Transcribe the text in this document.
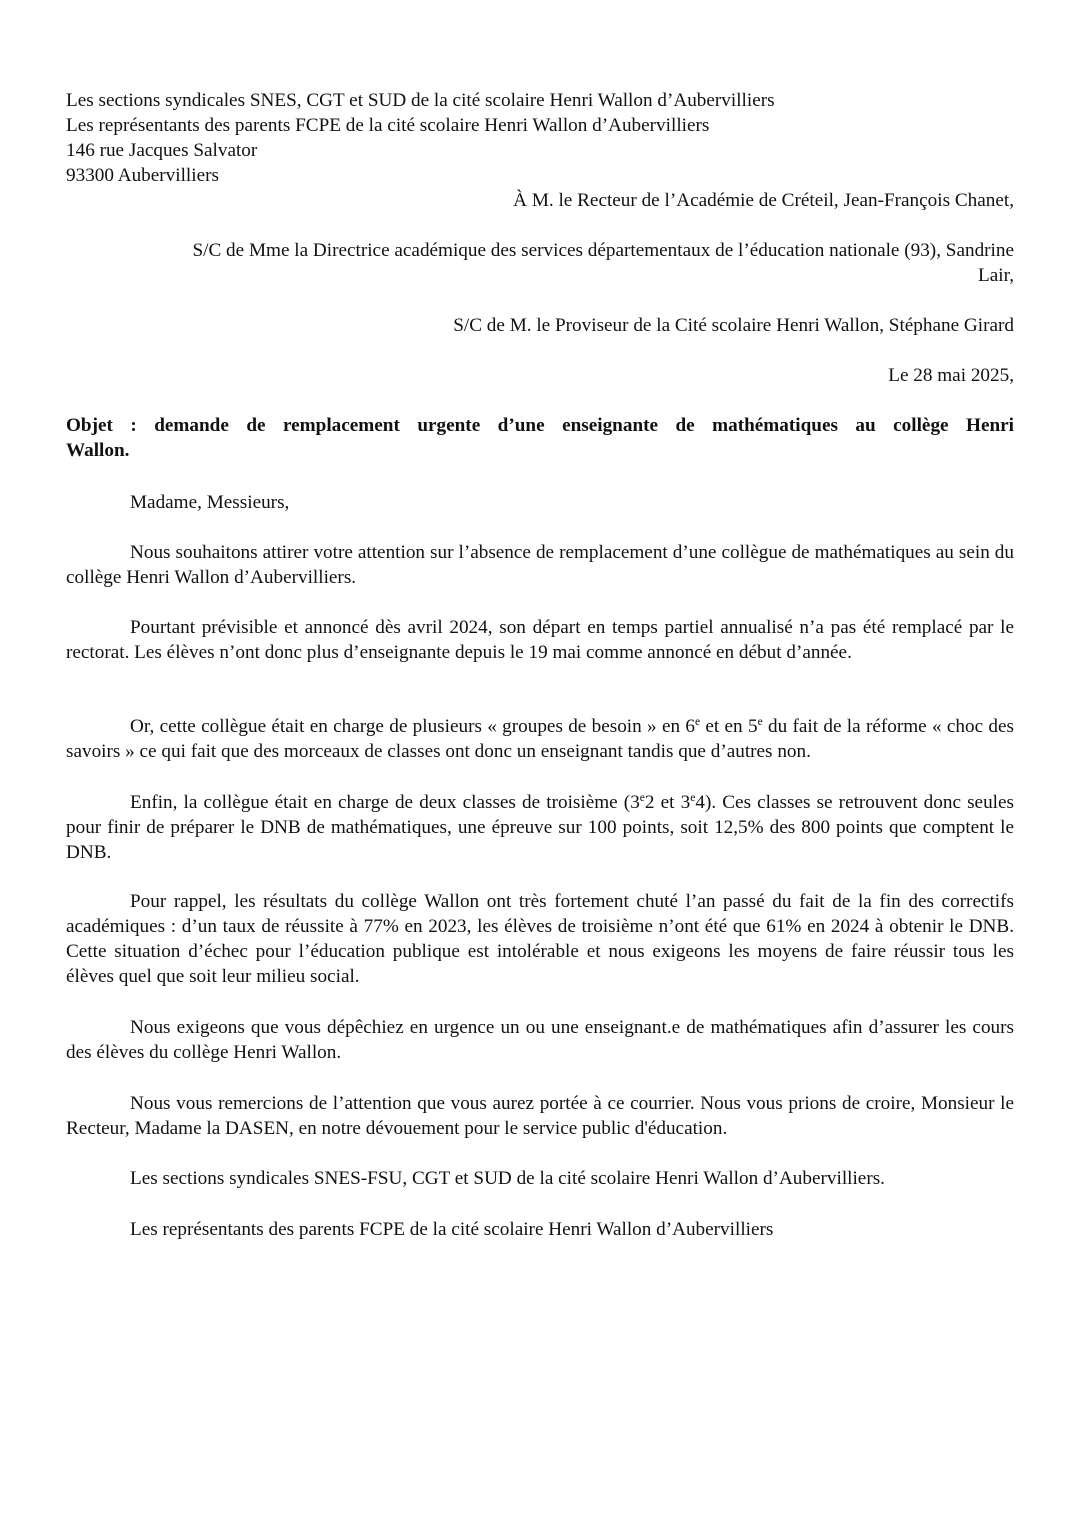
Les sections syndicales SNES, CGT et SUD de la cité scolaire Henri Wallon d’Aubervilliers
Les représentants des parents FCPE de la cité scolaire Henri Wallon d’Aubervilliers
146 rue Jacques Salvator
93300 Aubervilliers

À M. le Recteur de l’Académie de Créteil, Jean-François Chanet,

S/C de Mme la Directrice académique des services départementaux de l’éducation nationale (93), Sandrine
Lair,

S/C de M. le Proviseur de la Cité scolaire Henri Wallon, Stéphane Girard

Le 28 mai 2025,

Objet : demande de remplacement urgente d’une enseignante de mathématiques au collège Henri
Wallon.

Madame, Messieurs,

Nous souhaitons attirer votre attention sur l’absence de remplacement d’une collègue de mathématiques au sein du collège Henri Wallon d’Aubervilliers.

Pourtant prévisible et annoncé dès avril 2024, son départ en temps partiel annualisé n’a pas été remplacé par le rectorat. Les élèves n’ont donc plus d’enseignante depuis le 19 mai comme annoncé en début d’année.

Or, cette collègue était en charge de plusieurs « groupes de besoin » en 6e et en 5e du fait de la réforme « choc des savoirs » ce qui fait que des morceaux de classes ont donc un enseignant tandis que d’autres non.

Enfin, la collègue était en charge de deux classes de troisième (3e2 et 3e4). Ces classes se retrouvent donc seules pour finir de préparer le DNB de mathématiques, une épreuve sur 100 points, soit 12,5% des 800 points que comptent le DNB.

Pour rappel, les résultats du collège Wallon ont très fortement chuté l’an passé du fait de la fin des correctifs académiques : d’un taux de réussite à 77% en 2023, les élèves de troisième n’ont été que 61% en 2024 à obtenir le DNB. Cette situation d’échec pour l’éducation publique est intolérable et nous exigeons les moyens de faire réussir tous les élèves quel que soit leur milieu social.

Nous exigeons que vous dépêchiez en urgence un ou une enseignant.e de mathématiques afin d’assurer les cours des élèves du collège Henri Wallon.

Nous vous remercions de l’attention que vous aurez portée à ce courrier. Nous vous prions de croire, Monsieur le Recteur, Madame la DASEN, en notre dévouement pour le service public d'éducation.

Les sections syndicales SNES-FSU, CGT et SUD de la cité scolaire Henri Wallon d’Aubervilliers.

Les représentants des parents FCPE de la cité scolaire Henri Wallon d’Aubervilliers
